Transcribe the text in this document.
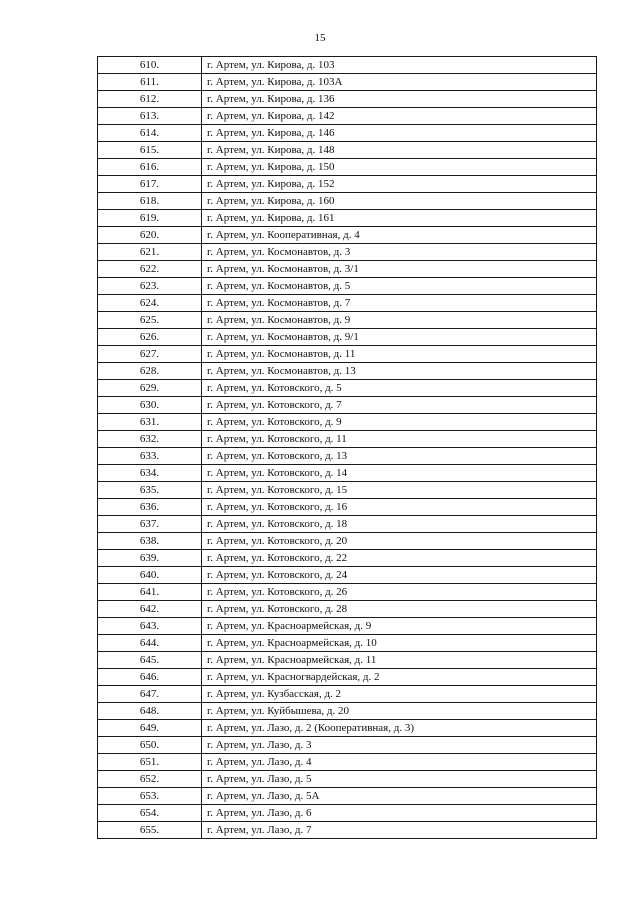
15
610.	г. Артем, ул. Кирова, д. 103
611.	г. Артем, ул. Кирова, д. 103А
612.	г. Артем, ул. Кирова, д. 136
613.	г. Артем, ул. Кирова, д. 142
614.	г. Артем, ул. Кирова, д. 146
615.	г. Артем, ул. Кирова, д. 148
616.	г. Артем, ул. Кирова, д. 150
617.	г. Артем, ул. Кирова, д. 152
618.	г. Артем, ул. Кирова, д. 160
619.	г. Артем, ул. Кирова, д. 161
620.	г. Артем, ул. Кооперативная, д. 4
621.	г. Артем, ул. Космонавтов, д. 3
622.	г. Артем, ул. Космонавтов, д. 3/1
623.	г. Артем, ул. Космонавтов, д. 5
624.	г. Артем, ул. Космонавтов, д. 7
625.	г. Артем, ул. Космонавтов, д. 9
626.	г. Артем, ул. Космонавтов, д. 9/1
627.	г. Артем, ул. Космонавтов, д. 11
628.	г. Артем, ул. Космонавтов, д. 13
629.	г. Артем, ул. Котовского, д. 5
630.	г. Артем, ул. Котовского, д. 7
631.	г. Артем, ул. Котовского, д. 9
632.	г. Артем, ул. Котовского, д. 11
633.	г. Артем, ул. Котовского, д. 13
634.	г. Артем, ул. Котовского, д. 14
635.	г. Артем, ул. Котовского, д. 15
636.	г. Артем, ул. Котовского, д. 16
637.	г. Артем, ул. Котовского, д. 18
638.	г. Артем, ул. Котовского, д. 20
639.	г. Артем, ул. Котовского, д. 22
640.	г. Артем, ул. Котовского, д. 24
641.	г. Артем, ул. Котовского, д. 26
642.	г. Артем, ул. Котовского, д. 28
643.	г. Артем, ул. Красноармейская, д. 9
644.	г. Артем, ул. Красноармейская, д. 10
645.	г. Артем, ул. Красноармейская, д. 11
646.	г. Артем, ул. Красногвардейская, д. 2
647.	г. Артем, ул. Кузбасская, д. 2
648.	г. Артем, ул. Куйбышева, д. 20
649.	г. Артем, ул. Лазо, д. 2 (Кооперативная, д. 3)
650.	г. Артем, ул. Лазо, д. 3
651.	г. Артем, ул. Лазо, д. 4
652.	г. Артем, ул. Лазо, д. 5
653.	г. Артем, ул. Лазо, д. 5А
654.	г. Артем, ул. Лазо, д. 6
655.	г. Артем, ул. Лазо, д. 7
